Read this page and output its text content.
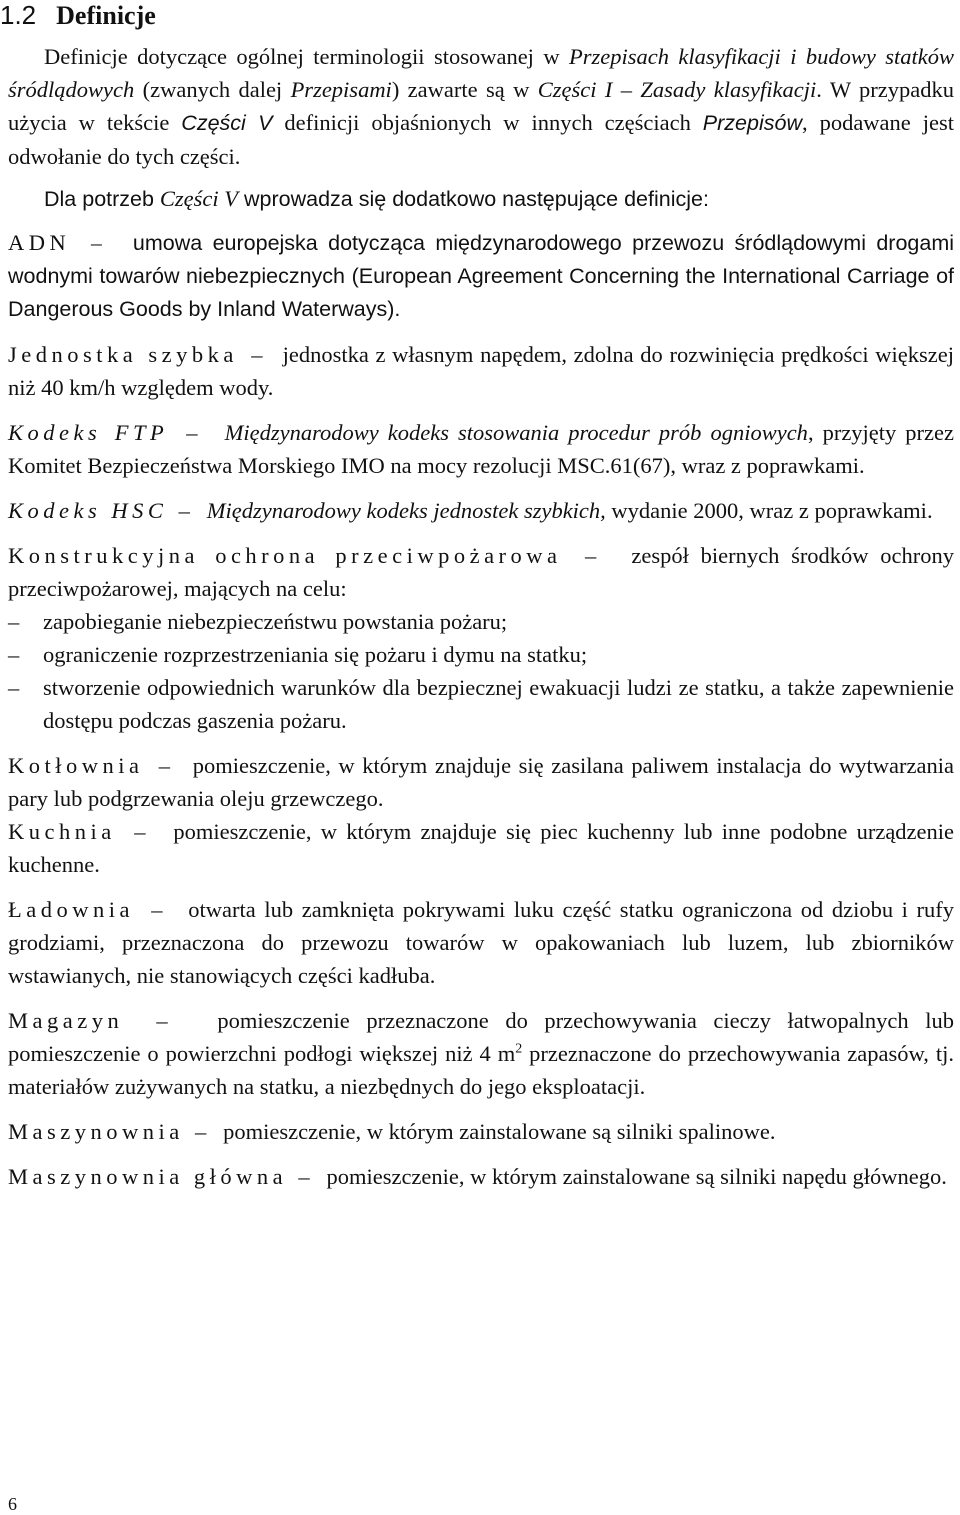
1.2 Definicje

Definicje dotyczące ogólnej terminologii stosowanej w Przepisach klasyfikacji i budowy statków śródlądowych (zwanych dalej Przepisami) zawarte są w Części I – Zasady klasyfikacji. W przypadku użycia w tekście Części V definicji objaśnionych w innych częściach Przepisów, podawane jest odwołanie do tych części.

Dla potrzeb Części V wprowadza się dodatkowo następujące definicje:

ADN – umowa europejska dotycząca międzynarodowego przewozu śródlądowymi drogami wodnymi towarów niebezpiecznych (European Agreement Concerning the International Carriage of Dangerous Goods by Inland Waterways).

Jednostka szybka – jednostka z własnym napędem, zdolna do rozwinięcia prędkości większej niż 40 km/h względem wody.

Kodeks FTP – Międzynarodowy kodeks stosowania procedur prób ogniowych, przyjęty przez Komitet Bezpieczeństwa Morskiego IMO na mocy rezolucji MSC.61(67), wraz z poprawkami.

Kodeks HSC – Międzynarodowy kodeks jednostek szybkich, wydanie 2000, wraz z poprawkami.

Konstrukcyjna ochrona przeciwpożarowa – zespół biernych środków ochrony przeciwpożarowej, mających na celu:

– zapobieganie niebezpieczeństwu powstania pożaru;
– ograniczenie rozprzestrzeniania się pożaru i dymu na statku;
– stworzenie odpowiednich warunków dla bezpiecznej ewakuacji ludzi ze statku, a także zapewnienie dostępu podczas gaszenia pożaru.

Kotłownia – pomieszczenie, w którym znajduje się zasilana paliwem instalacja do wytwarzania pary lub podgrzewania oleju grzewczego.

Kuchnia – pomieszczenie, w którym znajduje się piec kuchenny lub inne podobne urządzenie kuchenne.

Ładownia – otwarta lub zamknięta pokrywami luku część statku ograniczona od dziobu i rufy grodziami, przeznaczona do przewozu towarów w opakowaniach lub luzem, lub zbiorników wstawianych, nie stanowiących części kadłuba.

Magazyn – pomieszczenie przeznaczone do przechowywania cieczy łatwopalnych lub pomieszczenie o powierzchni podłogi większej niż 4 $m^2$ przeznaczone do przechowywania zapasów, tj. materiałów zużywanych na statku, a niezbędnych do jego eksploatacji.

Maszynownia – pomieszczenie, w którym zainstalowane są silniki spalinowe.

Maszynownia główna – pomieszczenie, w którym zainstalowane są silniki napędu głównego.

6
